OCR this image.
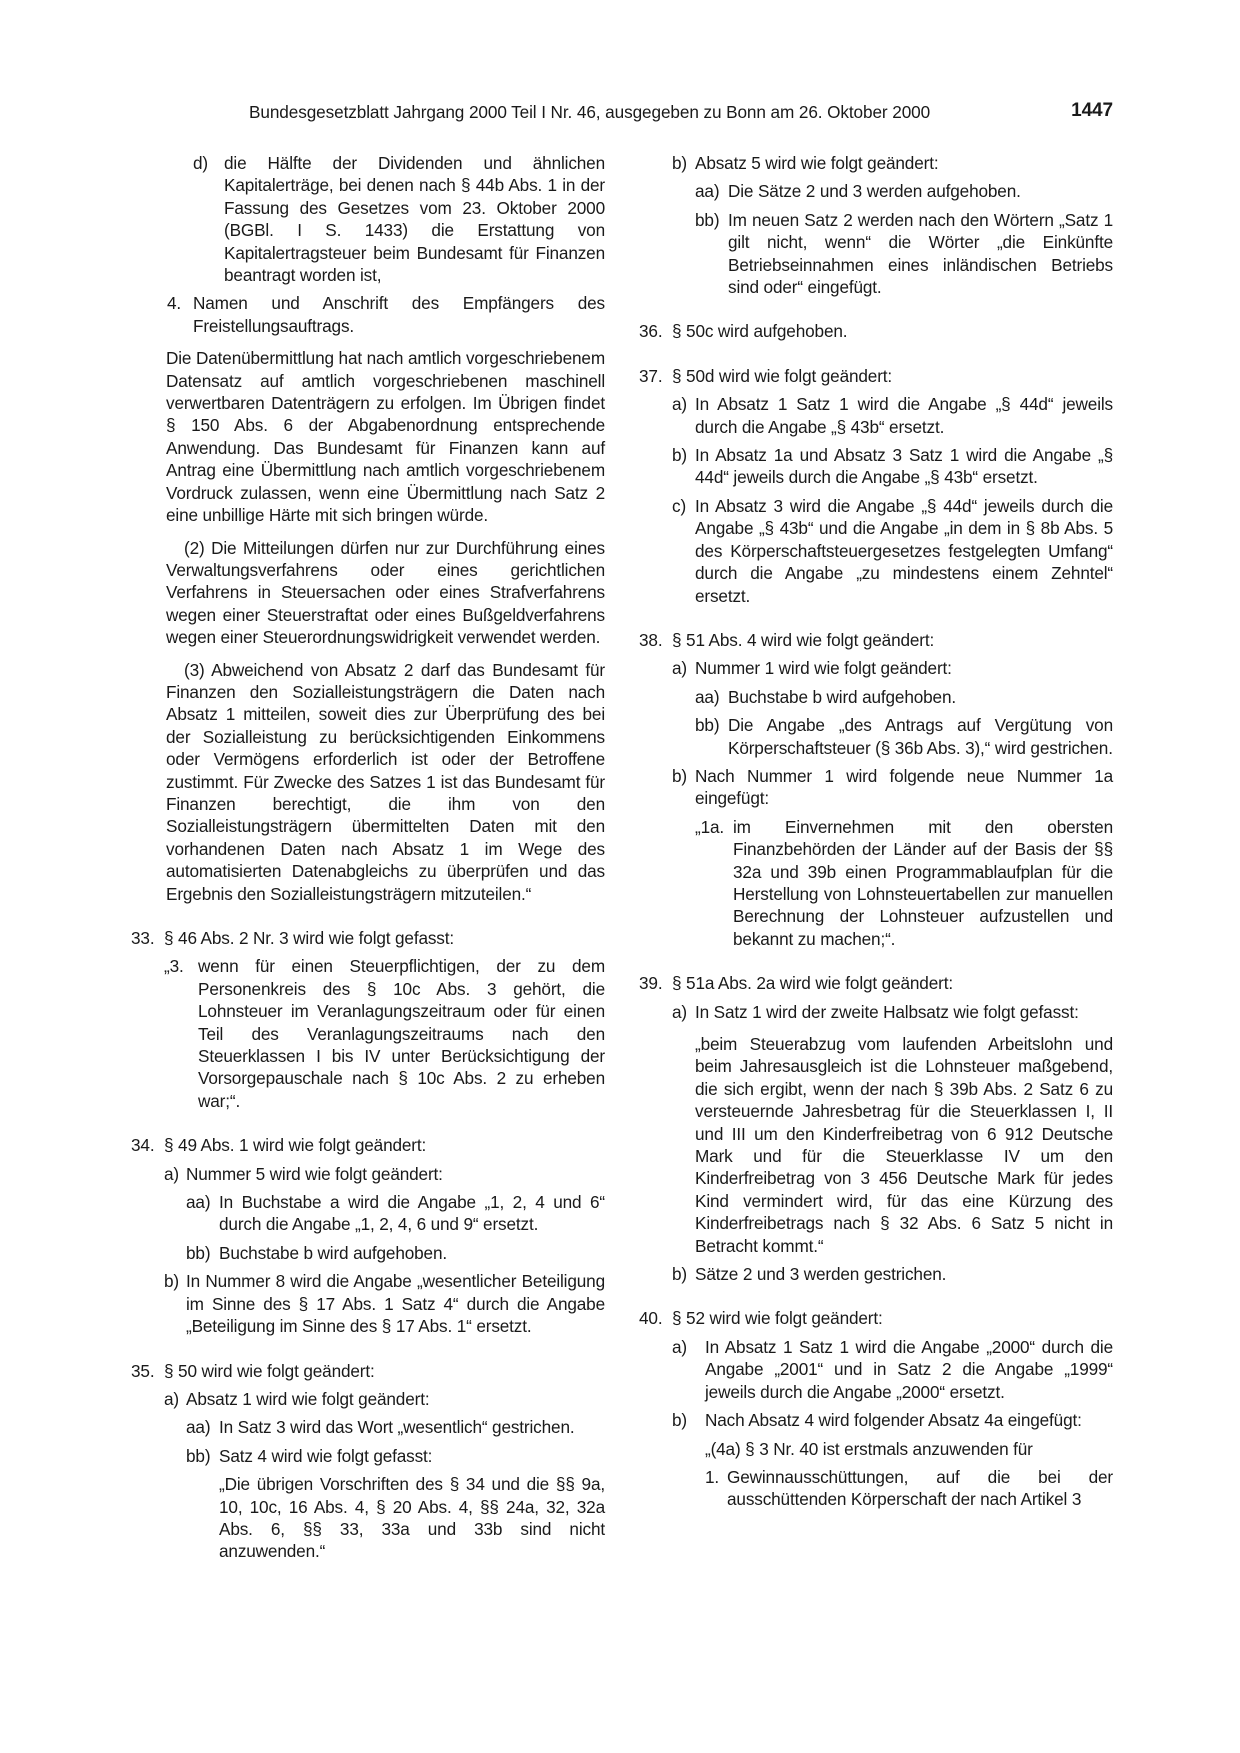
Bundesgesetzblatt Jahrgang 2000 Teil I Nr. 46, ausgegeben zu Bonn am 26. Oktober 2000	1447
d) die Hälfte der Dividenden und ähnlichen Kapitalerträge, bei denen nach § 44b Abs. 1 in der Fassung des Gesetzes vom 23. Oktober 2000 (BGBl. I S. 1433) die Erstattung von Kapitalertragsteuer beim Bundesamt für Finanzen beantragt worden ist,
4. Namen und Anschrift des Empfängers des Freistellungsauftrags.

Die Datenübermittlung hat nach amtlich vorgeschriebenem Datensatz auf amtlich vorgeschriebenen maschinell verwertbaren Datenträgern zu erfolgen. Im Übrigen findet § 150 Abs. 6 der Abgabenordnung entsprechende Anwendung. Das Bundesamt für Finanzen kann auf Antrag eine Übermittlung nach amtlich vorgeschriebenem Vordruck zulassen, wenn eine Übermittlung nach Satz 2 eine unbillige Härte mit sich bringen würde.

(2) Die Mitteilungen dürfen nur zur Durchführung eines Verwaltungsverfahrens oder eines gerichtlichen Verfahrens in Steuersachen oder eines Strafverfahrens wegen einer Steuerstraftat oder eines Bußgeldverfahrens wegen einer Steuerordnungswidrigkeit verwendet werden.

(3) Abweichend von Absatz 2 darf das Bundesamt für Finanzen den Sozialleistungsträgern die Daten nach Absatz 1 mitteilen, soweit dies zur Überprüfung des bei der Sozialleistung zu berücksichtigenden Einkommens oder Vermögens erforderlich ist oder der Betroffene zustimmt. Für Zwecke des Satzes 1 ist das Bundesamt für Finanzen berechtigt, die ihm von den Sozialleistungsträgern übermittelten Daten mit den vorhandenen Daten nach Absatz 1 im Wege des automatisierten Datenabgleichs zu überprüfen und das Ergebnis den Sozialleistungsträgern mitzuteilen.“

33. § 46 Abs. 2 Nr. 3 wird wie folgt gefasst:
„3. wenn für einen Steuerpflichtigen, der zu dem Personenkreis des § 10c Abs. 3 gehört, die Lohnsteuer im Veranlagungszeitraum oder für einen Teil des Veranlagungszeitraums nach den Steuerklassen I bis IV unter Berücksichtigung der Vorsorgepauschale nach § 10c Abs. 2 zu erheben war;“.
34. § 49 Abs. 1 wird wie folgt geändert:
a) Nummer 5 wird wie folgt geändert:
aa) In Buchstabe a wird die Angabe „1, 2, 4 und 6“ durch die Angabe „1, 2, 4, 6 und 9“ ersetzt.
bb) Buchstabe b wird aufgehoben.
b) In Nummer 8 wird die Angabe „wesentlicher Beteiligung im Sinne des § 17 Abs. 1 Satz 4“ durch die Angabe „Beteiligung im Sinne des § 17 Abs. 1“ ersetzt.
35. § 50 wird wie folgt geändert:
a) Absatz 1 wird wie folgt geändert:
aa) In Satz 3 wird das Wort „wesentlich“ gestrichen.
bb) Satz 4 wird wie folgt gefasst:

„Die übrigen Vorschriften des § 34 und die §§ 9a, 10, 10c, 16 Abs. 4, § 20 Abs. 4, §§ 24a, 32, 32a Abs. 6, §§ 33, 33a und 33b sind nicht anzuwenden.“

b) Absatz 5 wird wie folgt geändert:
aa) Die Sätze 2 und 3 werden aufgehoben.
bb) Im neuen Satz 2 werden nach den Wörtern „Satz 1 gilt nicht, wenn“ die Wörter „die Einkünfte Betriebseinnahmen eines inländischen Betriebs sind oder“ eingefügt.
36. § 50c wird aufgehoben.
37. § 50d wird wie folgt geändert:
a) In Absatz 1 Satz 1 wird die Angabe „§ 44d“ jeweils durch die Angabe „§ 43b“ ersetzt.
b) In Absatz 1a und Absatz 3 Satz 1 wird die Angabe „§ 44d“ jeweils durch die Angabe „§ 43b“ ersetzt.
c) In Absatz 3 wird die Angabe „§ 44d“ jeweils durch die Angabe „§ 43b“ und die Angabe „in dem in § 8b Abs. 5 des Körperschaftsteuergesetzes festgelegten Umfang“ durch die Angabe „zu mindestens einem Zehntel“ ersetzt.
38. § 51 Abs. 4 wird wie folgt geändert:
a) Nummer 1 wird wie folgt geändert:
aa) Buchstabe b wird aufgehoben.
bb) Die Angabe „des Antrags auf Vergütung von Körperschaftsteuer (§ 36b Abs. 3),“ wird gestrichen.
b) Nach Nummer 1 wird folgende neue Nummer 1a eingefügt:
„1a. im Einvernehmen mit den obersten Finanzbehörden der Länder auf der Basis der §§ 32a und 39b einen Programmablaufplan für die Herstellung von Lohnsteuertabellen zur manuellen Berechnung der Lohnsteuer aufzustellen und bekannt zu machen;“.
39. § 51a Abs. 2a wird wie folgt geändert:
a) In Satz 1 wird der zweite Halbsatz wie folgt gefasst:

„beim Steuerabzug vom laufenden Arbeitslohn und beim Jahresausgleich ist die Lohnsteuer maßgebend, die sich ergibt, wenn der nach § 39b Abs. 2 Satz 6 zu versteuernde Jahresbetrag für die Steuerklassen I, II und III um den Kinderfreibetrag von 6 912 Deutsche Mark und für die Steuerklasse IV um den Kinderfreibetrag von 3 456 Deutsche Mark für jedes Kind vermindert wird, für das eine Kürzung des Kinderfreibetrags nach § 32 Abs. 6 Satz 5 nicht in Betracht kommt.“

b) Sätze 2 und 3 werden gestrichen.
40. § 52 wird wie folgt geändert:
a)	In Absatz 1 Satz 1 wird die Angabe „2000“ durch die Angabe „2001“ und in Satz 2 die Angabe „1999“ jeweils durch die Angabe „2000“ ersetzt.
b)	Nach Absatz 4 wird folgender Absatz 4a eingefügt:

„(4a) § 3 Nr. 40 ist erstmals anzuwenden für

1. Gewinnausschüttungen, auf die bei der ausschüttenden Körperschaft der nach Artikel 3
